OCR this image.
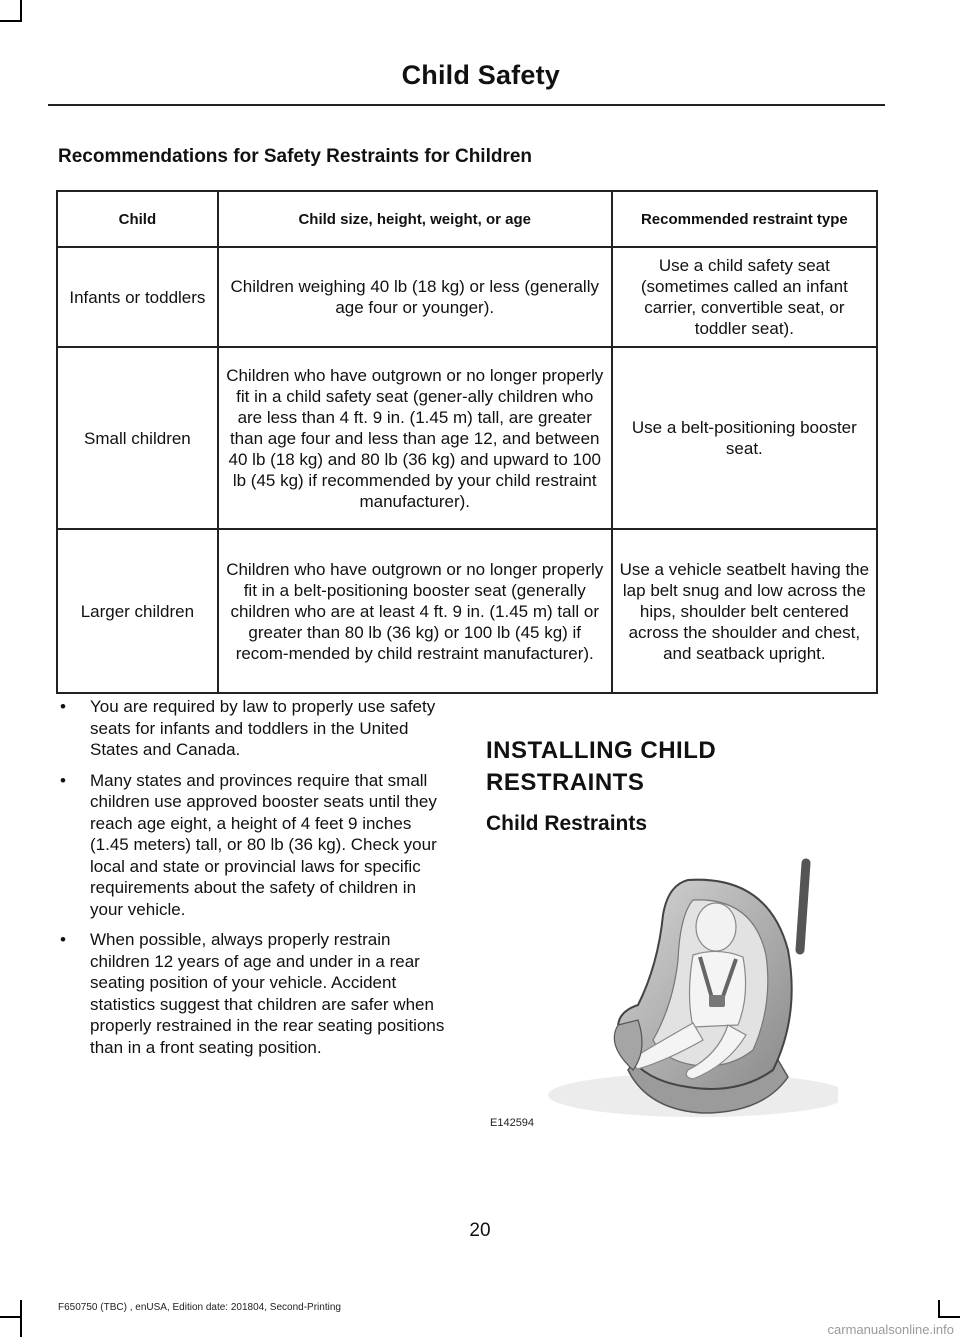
Child Safety
Recommendations for Safety Restraints for Children
Child	Child size, height, weight, or age	Recommended restraint type
Infants or toddlers	Children weighing 40 lb (18 kg) or less (generally age four or younger).	Use a child safety seat (sometimes called an infant carrier, convertible seat, or toddler seat).
Small children	Children who have outgrown or no longer properly fit in a child safety seat (gener-ally children who are less than 4 ft. 9 in. (1.45 m) tall, are greater than age four and less than age 12, and between 40 lb (18 kg) and 80 lb (36 kg) and upward to 100 lb (45 kg) if recommended by your child restraint manufacturer).	Use a belt-positioning booster seat.
Larger children	Children who have outgrown or no longer properly fit in a belt-positioning booster seat (generally children who are at least 4 ft. 9 in. (1.45 m) tall or greater than 80 lb (36 kg) or 100 lb (45 kg) if recom-mended by child restraint manufacturer).	Use a vehicle seatbelt having the lap belt snug and low across the hips, shoulder belt centered across the shoulder and chest, and seatback upright.
• You are required by law to properly use safety seats for infants and toddlers in the United States and Canada.
• Many states and provinces require that small children use approved booster seats until they reach age eight, a height of 4 feet 9 inches (1.45 meters) tall, or 80 lb (36 kg). Check your local and state or provincial laws for specific requirements about the safety of children in your vehicle.
• When possible, always properly restrain children 12 years of age and under in a rear seating position of your vehicle. Accident statistics suggest that children are safer when properly restrained in the rear seating positions than in a front seating position.
INSTALLING CHILD RESTRAINTS
Child Restraints
E142594
20
F650750 (TBC) , enUSA, Edition date: 201804, Second-Printing
carmanualsonline.info
